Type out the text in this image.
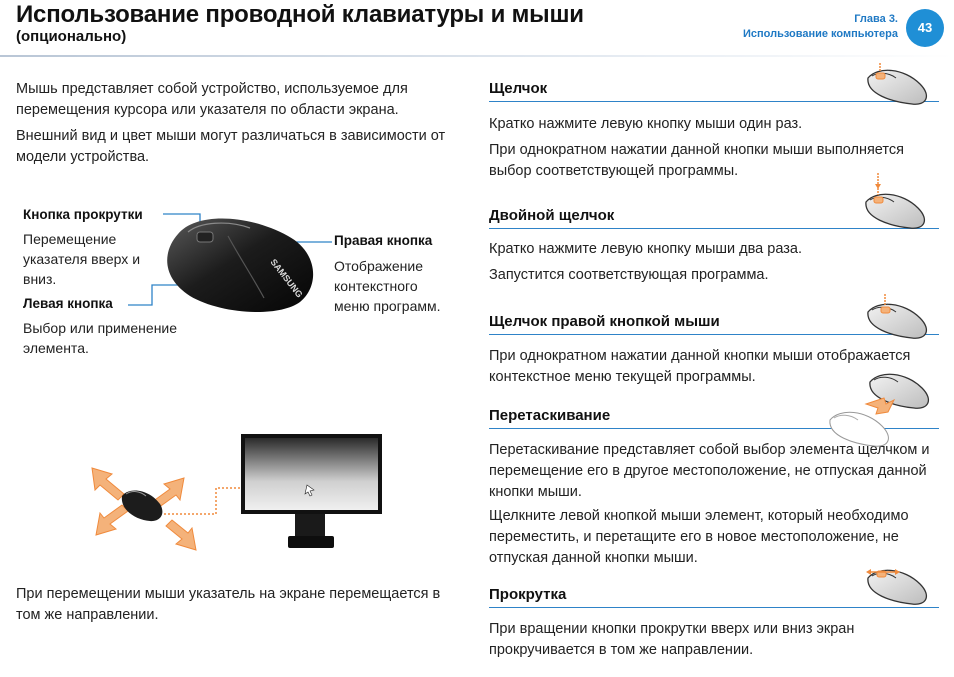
Использование проводной клавиатуры и мыши
(опционально)
Глава 3.
Использование компьютера	43

Мышь представляет собой устройство, используемое для перемещения курсора или указателя по области экрана.

Внешний вид и цвет мыши могут различаться в зависимости от модели устройства.

Кнопка прокрутки
Перемещение указателя вверх и вниз.
Левая кнопка
Выбор или применение элемента.
Правая кнопка
Отображение контекстного меню программ.
SAMSUNG

При перемещении мыши указатель на экране перемещается в том же направлении.

Щелчок

Кратко нажмите левую кнопку мыши один раз.

При однократном нажатии данной кнопки мыши выполняется выбор соответствующей программы.

Двойной щелчок

Кратко нажмите левую кнопку мыши два раза.

Запустится соответствующая программа.

Щелчок правой кнопкой мыши

При однократном нажатии данной кнопки мыши отображается контекстное меню текущей программы.

Перетаскивание

Перетаскивание представляет собой выбор элемента щелчком и перемещение его в другое местоположение, не отпуская данной кнопки мыши.

Щелкните левой кнопкой мыши элемент, который необходимо переместить, и перетащите его в новое местоположение, не отпуская данной кнопки мыши.

Прокрутка

При вращении кнопки прокрутки вверх или вниз экран прокручивается в том же направлении.
